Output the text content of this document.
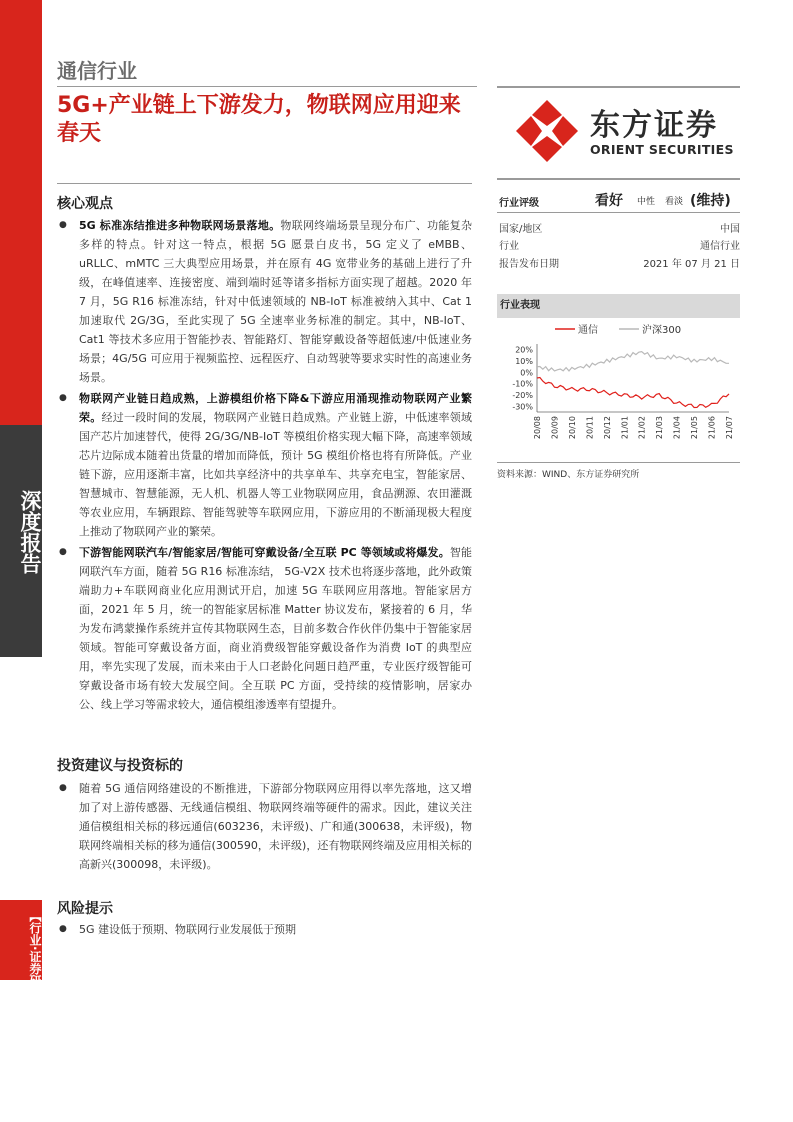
深度报告
【行业·证券研
通信行业
5G+产业链上下游发力，物联网应用迎来春天	东方证券
ORIENT SECURITIES
行业评级	看好 中性 看淡 (维持)
国家/地区	中国
行业	通信行业
报告发布日期	2021 年 07 月 21 日
行业表现
通信	沪深300
20%
10%
0%
-10%
-20%
-30%
20/08 20/09 20/10 20/11 20/12 21/01 21/02 21/03 21/04 21/05 21/06 21/07
资料来源：WIND、东方证券研究所
核心观点

● 5G 标准冻结推进多种物联网场景落地。物联网终端场景呈现分布广、功能复杂多样的特点。针对这一特点，根据 5G 愿景白皮书，5G 定义了 eMBB、uRLLC、mMTC 三大典型应用场景，并在原有 4G 宽带业务的基础上进行了升级，在峰值速率、连接密度、端到端时延等诸多指标方面实现了超越。2020 年 7 月，5G R16 标准冻结，针对中低速领域的 NB-IoT 标准被纳入其中、Cat 1 加速取代 2G/3G，至此实现了 5G 全速率业务标准的制定。其中，NB-IoT、Cat1 等技术多应用于智能抄表、智能路灯、智能穿戴设备等超低速/中低速业务场景；4G/5G 可应用于视频监控、远程医疗、自动驾驶等要求实时性的高速业务场景。

● 物联网产业链日趋成熟，上游模组价格下降&下游应用涌现推动物联网产业繁荣。经过一段时间的发展，物联网产业链日趋成熟。产业链上游，中低速率领域国产芯片加速替代，使得 2G/3G/NB-IoT 等模组价格实现大幅下降，高速率领域芯片边际成本随着出货量的增加而降低，预计 5G 模组价格也将有所降低。产业链下游，应用逐渐丰富，比如共享经济中的共享单车、共享充电宝，智能家居、智慧城市、智慧能源，无人机、机器人等工业物联网应用，食品溯源、农田灌溉等农业应用，车辆跟踪、智能驾驶等车联网应用，下游应用的不断涌现极大程度上推动了物联网产业的繁荣。

● 下游智能网联汽车/智能家居/智能可穿戴设备/全互联 PC 等领域或将爆发。智能网联汽车方面，随着 5G R16 标准冻结， 5G-V2X 技术也将逐步落地，此外政策端助力+车联网商业化应用测试开启，加速 5G 车联网应用落地。智能家居方面，2021 年 5 月，统一的智能家居标准 Matter 协议发布，紧接着的 6 月，华为发布鸿蒙操作系统并宣传其物联网生态，目前多数合作伙伴仍集中于智能家居领域。智能可穿戴设备方面，商业消费级智能穿戴设备作为消费 IoT 的典型应用，率先实现了发展，而未来由于人口老龄化问题日趋严重，专业医疗级智能可穿戴设备市场有较大发展空间。全互联 PC 方面，受持续的疫情影响，居家办公、线上学习等需求较大，通信模组渗透率有望提升。

投资建议与投资标的

● 随着 5G 通信网络建设的不断推进，下游部分物联网应用得以率先落地，这又增加了对上游传感器、无线通信模组、物联网终端等硬件的需求。因此，建议关注通信模组相关标的移远通信(603236，未评级)、广和通(300638，未评级)，物联网终端相关标的移为通信(300590，未评级)，还有物联网终端及应用相关标的高新兴(300098，未评级)。

风险提示

● 5G 建设低于预期、物联网行业发展低于预期
